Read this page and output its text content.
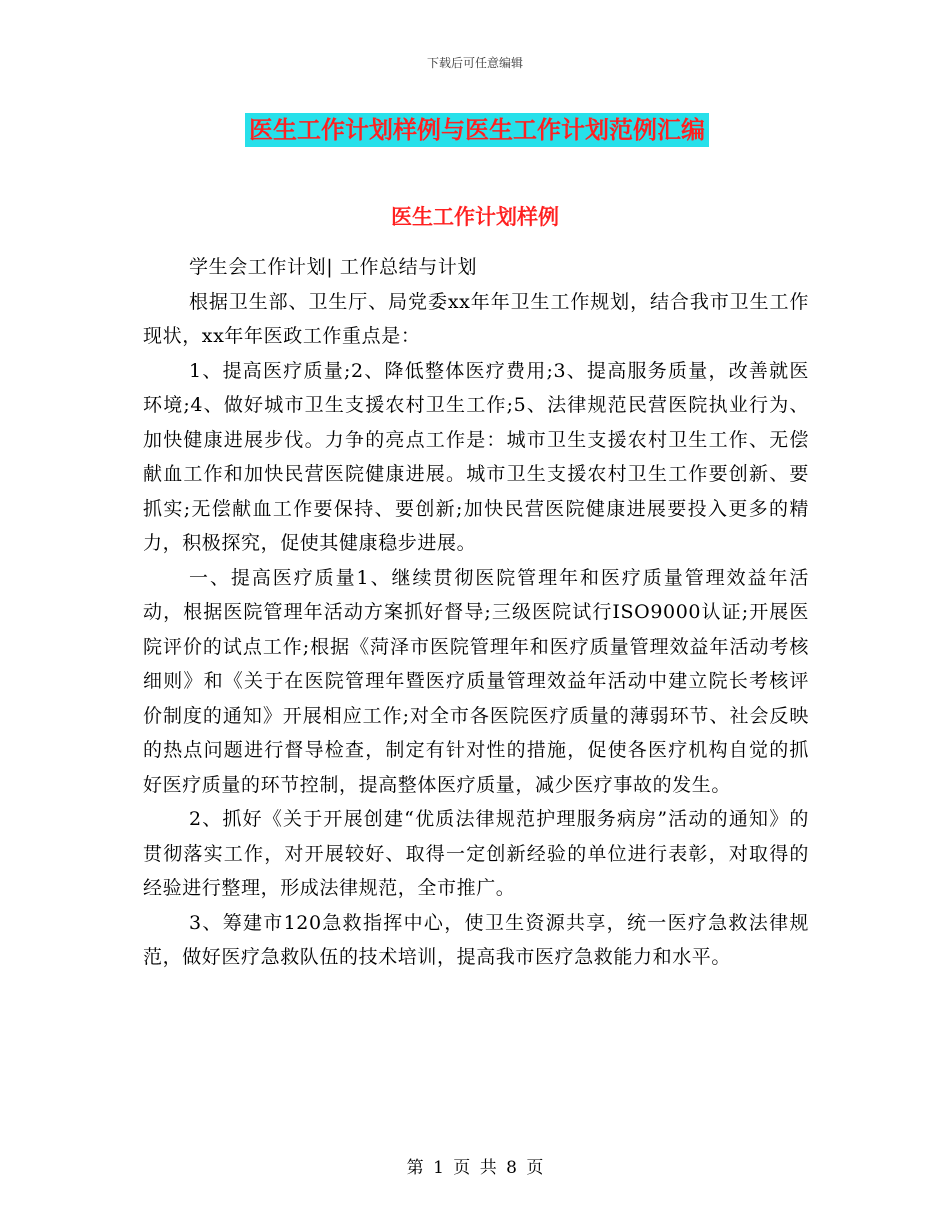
下载后可任意编辑
医生工作计划样例与医生工作计划范例汇编
医生工作计划样例

学生会工作计划| 工作总结与计划

根据卫生部、卫生厅、局党委xx年年卫生工作规划，结合我市卫生工作现状，xx年年医政工作重点是：

1、提高医疗质量;2、降低整体医疗费用;3、提高服务质量，改善就医环境;4、做好城市卫生支援农村卫生工作;5、法律规范民营医院执业行为、加快健康进展步伐。力争的亮点工作是：城市卫生支援农村卫生工作、无偿献血工作和加快民营医院健康进展。城市卫生支援农村卫生工作要创新、要抓实;无偿献血工作要保持、要创新;加快民营医院健康进展要投入更多的精力，积极探究，促使其健康稳步进展。

一、提高医疗质量1、继续贯彻医院管理年和医疗质量管理效益年活动，根据医院管理年活动方案抓好督导;三级医院试行ISO9000认证;开展医院评价的试点工作;根据《菏泽市医院管理年和医疗质量管理效益年活动考核细则》和《关于在医院管理年暨医疗质量管理效益年活动中建立院长考核评价制度的通知》开展相应工作;对全市各医院医疗质量的薄弱环节、社会反映的热点问题进行督导检查，制定有针对性的措施，促使各医疗机构自觉的抓好医疗质量的环节控制，提高整体医疗质量，减少医疗事故的发生。

2、抓好《关于开展创建“优质法律规范护理服务病房”活动的通知》的贯彻落实工作，对开展较好、取得一定创新经验的单位进行表彰，对取得的经验进行整理，形成法律规范，全市推广。

3、筹建市120急救指挥中心，使卫生资源共享，统一医疗急救法律规范，做好医疗急救队伍的技术培训，提高我市医疗急救能力和水平。

第 1 页 共 8 页
